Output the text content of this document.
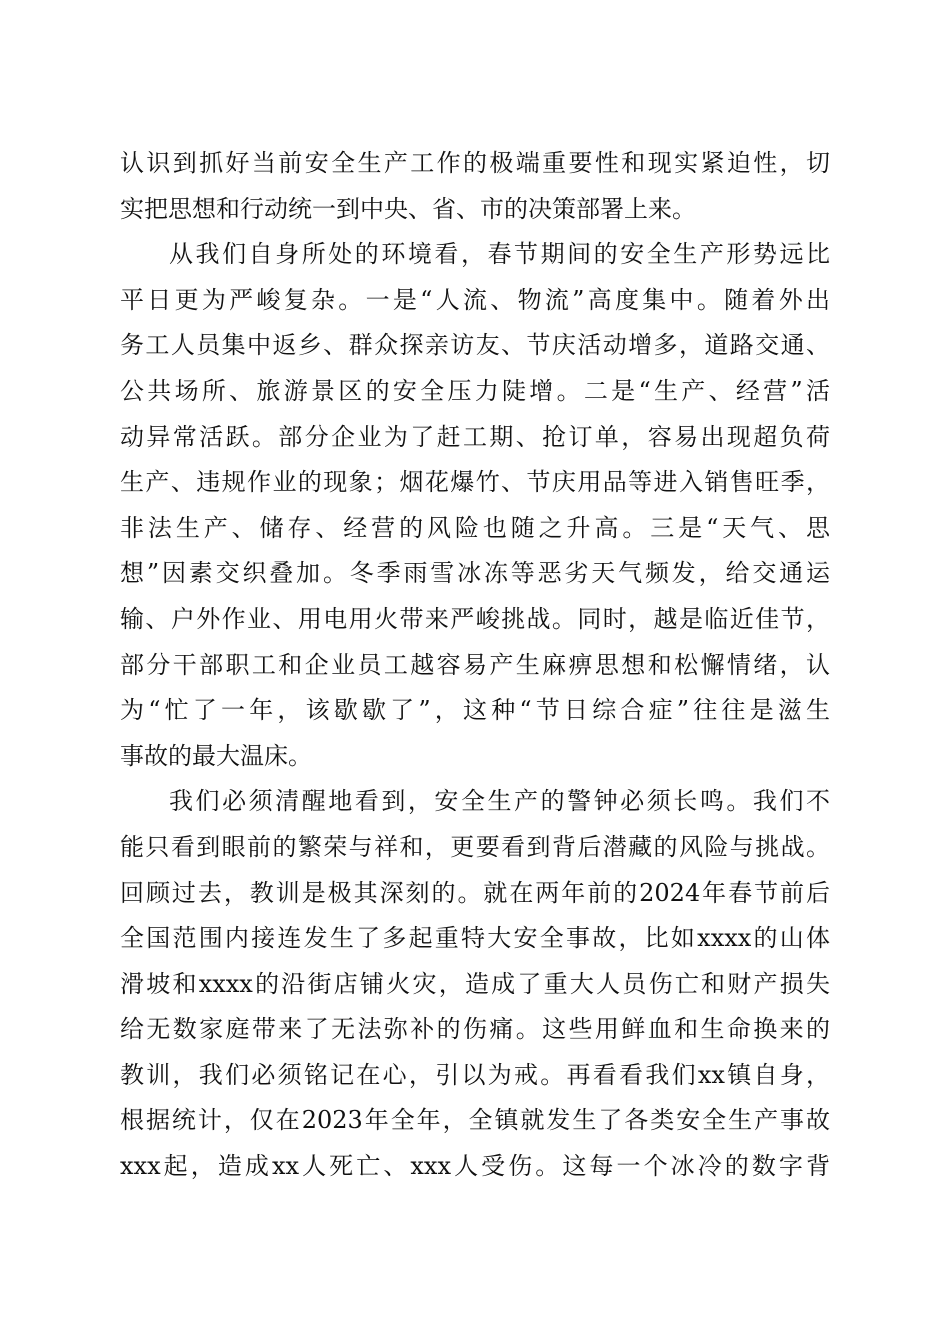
认识到抓好当前安全生产工作的极端重要性和现实紧迫性，切
实把思想和行动统一到中央、省、市的决策部署上来。
从我们自身所处的环境看，春节期间的安全生产形势远比
平日更为严峻复杂。一是“人流、物流”高度集中。随着外出
务工人员集中返乡、群众探亲访友、节庆活动增多，道路交通、
公共场所、旅游景区的安全压力陡增。二是“生产、经营”活
动异常活跃。部分企业为了赶工期、抢订单，容易出现超负荷
生产、违规作业的现象；烟花爆竹、节庆用品等进入销售旺季，
非法生产、储存、经营的风险也随之升高。三是“天气、思
想”因素交织叠加。冬季雨雪冰冻等恶劣天气频发，给交通运
输、户外作业、用电用火带来严峻挑战。同时，越是临近佳节，
部分干部职工和企业员工越容易产生麻痹思想和松懈情绪，认
为“忙了一年，该歇歇了”，这种“节日综合症”往往是滋生
事故的最大温床。
我们必须清醒地看到，安全生产的警钟必须长鸣。我们不
能只看到眼前的繁荣与祥和，更要看到背后潜藏的风险与挑战。
回顾过去，教训是极其深刻的。就在两年前的2024年春节前后
全国范围内接连发生了多起重特大安全事故，比如xxxx的山体
滑坡和xxxx的沿街店铺火灾，造成了重大人员伤亡和财产损失
给无数家庭带来了无法弥补的伤痛。这些用鲜血和生命换来的
教训，我们必须铭记在心，引以为戒。再看看我们xx镇自身，
根据统计，仅在2023年全年，全镇就发生了各类安全生产事故
xxx起，造成xx人死亡、xxx人受伤。这每一个冰冷的数字背
